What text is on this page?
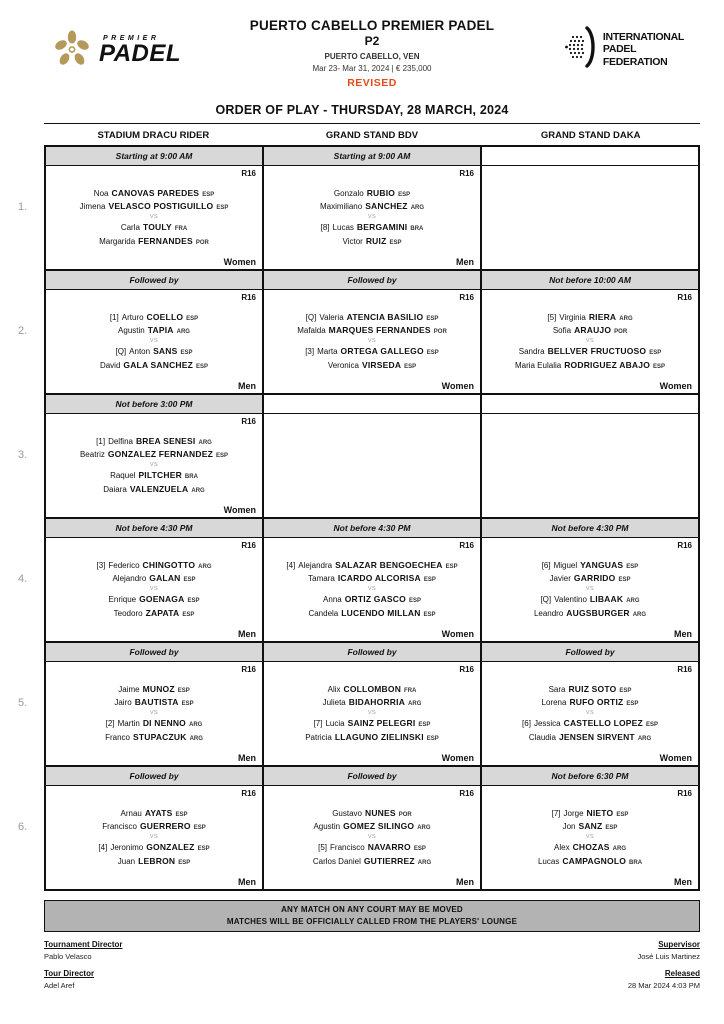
PREMIER
PADEL
PUERTO CABELLO PREMIER PADEL
P2
PUERTO CABELLO, VEN
Mar 23- Mar 31, 2024 | € 235,000
REVISED
INTERNATIONAL
PADEL
FEDERATION
ORDER OF PLAY - THURSDAY, 28 MARCH, 2024
STADIUM DRACU RIDER	GRAND STAND BDV	GRAND STAND DAKA
1.
2.
3.
4.
5.
6.
Starting at 9:00 AM
R16
Noa CANOVAS PAREDES ESP
Jimena VELASCO POSTIGUILLO ESP
VS
Carla TOULY FRA
Margarida FERNANDES POR
Women
Starting at 9:00 AM
R16
Gonzalo RUBIO ESP
Maximiliano SANCHEZ ARG
VS
[8] Lucas BERGAMINI BRA
Victor RUIZ ESP
Men
Followed by
R16
[1] Arturo COELLO ESP
Agustin TAPIA ARG
VS
[Q] Anton SANS ESP
David GALA SANCHEZ ESP
Men
Followed by
R16
[Q] Valeria ATENCIA BASILIO ESP
Mafalda MARQUES FERNANDES POR
VS
[3] Marta ORTEGA GALLEGO ESP
Veronica VIRSEDA ESP
Women
Not before 10:00 AM
R16
[5] Virginia RIERA ARG
Sofia ARAUJO POR
VS
Sandra BELLVER FRUCTUOSO ESP
Maria Eulalia RODRIGUEZ ABAJO ESP
Women
Not before 3:00 PM
R16
[1] Delfina BREA SENESI ARG
Beatriz GONZALEZ FERNANDEZ ESP
VS
Raquel PILTCHER BRA
Daiara VALENZUELA ARG
Women
Not before 4:30 PM
R16
[3] Federico CHINGOTTO ARG
Alejandro GALAN ESP
VS
Enrique GOENAGA ESP
Teodoro ZAPATA ESP
Men
Not before 4:30 PM
R16
[4] Alejandra SALAZAR BENGOECHEA ESP
Tamara ICARDO ALCORISA ESP
VS
Anna ORTIZ GASCO ESP
Candela LUCENDO MILLAN ESP
Women
Not before 4:30 PM
R16
[6] Miguel YANGUAS ESP
Javier GARRIDO ESP
VS
[Q] Valentino LIBAAK ARG
Leandro AUGSBURGER ARG
Men
Followed by
R16
Jaime MUNOZ ESP
Jairo BAUTISTA ESP
VS
[2] Martin DI NENNO ARG
Franco STUPACZUK ARG
Men
Followed by
R16
Alix COLLOMBON FRA
Julieta BIDAHORRIA ARG
VS
[7] Lucia SAINZ PELEGRI ESP
Patricia LLAGUNO ZIELINSKI ESP
Women
Followed by
R16
Sara RUIZ SOTO ESP
Lorena RUFO ORTIZ ESP
VS
[6] Jessica CASTELLO LOPEZ ESP
Claudia JENSEN SIRVENT ARG
Women
Followed by
R16
Arnau AYATS ESP
Francisco GUERRERO ESP
VS
[4] Jeronimo GONZALEZ ESP
Juan LEBRON ESP
Men
Followed by
R16
Gustavo NUNES POR
Agustin GOMEZ SILINGO ARG
VS
[5] Francisco NAVARRO ESP
Carlos Daniel GUTIERREZ ARG
Men
Not before 6:30 PM
R16
[7] Jorge NIETO ESP
Jon SANZ ESP
VS
Alex CHOZAS ARG
Lucas CAMPAGNOLO BRA
Men
ANY MATCH ON ANY COURT MAY BE MOVED
MATCHES WILL BE OFFICIALLY CALLED FROM THE PLAYERS' LOUNGE
Tournament Director
Pablo Velasco
Tour Director
Adel Aref
Supervisor
José Luis Martinez
Released
28 Mar 2024 4:03 PM
